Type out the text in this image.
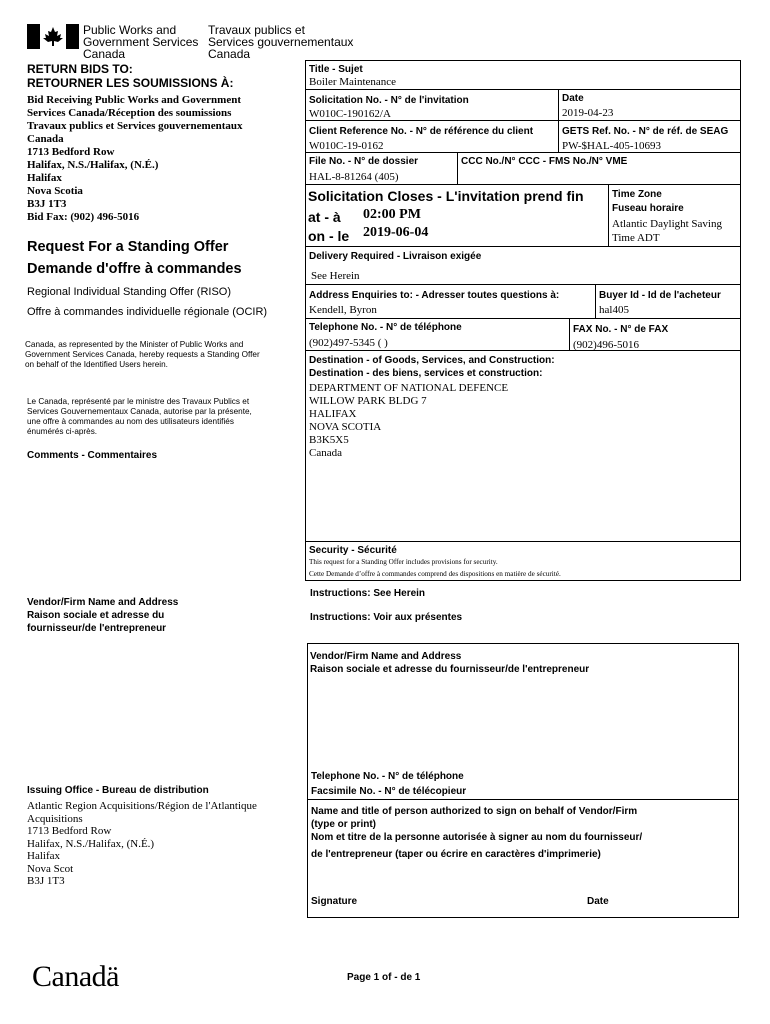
Public Works and
Government Services
Canada
Travaux publics et
Services gouvernementaux
Canada
RETURN BIDS TO:
RETOURNER LES SOUMISSIONS À:
Bid Receiving Public Works and Government
Services Canada/Réception des soumissions
Travaux publics et Services gouvernementaux
Canada
1713 Bedford Row
Halifax, N.S./Halifax, (N.É.)
Halifax
Nova Scotia
B3J 1T3
Bid Fax: (902) 496-5016
Request For a Standing Offer
Demande d'offre à commandes
Regional Individual Standing Offer (RISO)
Offre à commandes individuelle régionale (OCIR)
Canada, as represented by the Minister of Public Works and
Government Services Canada, hereby requests a Standing Offer
on behalf of the Identified Users herein.
Le Canada, représenté par le ministre des Travaux Publics et
Services Gouvernementaux Canada, autorise par la présente,
une offre à commandes au nom des utilisateurs identifiés
énumérés ci-après.
Comments - Commentaires
Vendor/Firm Name and Address
Raison sociale et adresse du
fournisseur/de l'entrepreneur
Issuing Office - Bureau de distribution
Atlantic Region Acquisitions/Région de l'Atlantique
Acquisitions
1713 Bedford Row
Halifax, N.S./Halifax, (N.É.)
Halifax
Nova Scot
B3J 1T3
Title - Sujet
Boiler Maintenance
Solicitation No. - N° de l'invitation
W010C-190162/A
Date
2019-04-23
Client Reference No. - N° de référence du client
W010C-19-0162
GETS Ref. No. - N° de réf. de SEAG
PW-$HAL-405-10693
File No. - N° de dossier
HAL-8-81264 (405)
CCC No./N° CCC - FMS No./N° VME
Solicitation Closes - L'invitation prend fin
at - à 02:00 PM
on - le 2019-06-04
Time Zone
Fuseau horaire
Atlantic Daylight Saving
Time ADT
Delivery Required - Livraison exigée
See Herein
Address Enquiries to: - Adresser toutes questions à:
Kendell, Byron
Buyer Id - Id de l'acheteur
hal405
Telephone No. - N° de téléphone
(902)497-5345 ( )
FAX No. - N° de FAX
(902)496-5016
Destination - of Goods, Services, and Construction:
Destination - des biens, services et construction:
DEPARTMENT OF NATIONAL DEFENCE
WILLOW PARK BLDG 7
HALIFAX
NOVA SCOTIA
B3K5X5
Canada
Security - Sécurité
This request for a Standing Offer includes provisions for security.
Cette Demande d’offre à commandes comprend des dispositions en matière de sécurité.
Instructions: See Herein
Instructions: Voir aux présentes
Vendor/Firm Name and Address
Raison sociale et adresse du fournisseur/de l'entrepreneur
Telephone No. - N° de téléphone
Facsimile No. - N° de télécopieur
Name and title of person authorized to sign on behalf of Vendor/Firm
(type or print)
Nom et titre de la personne autorisée à signer au nom du fournisseur/
de l'entrepreneur (taper ou écrire en caractères d'imprimerie)
Signature	Date
Canadä	Page 1 of - de 1
